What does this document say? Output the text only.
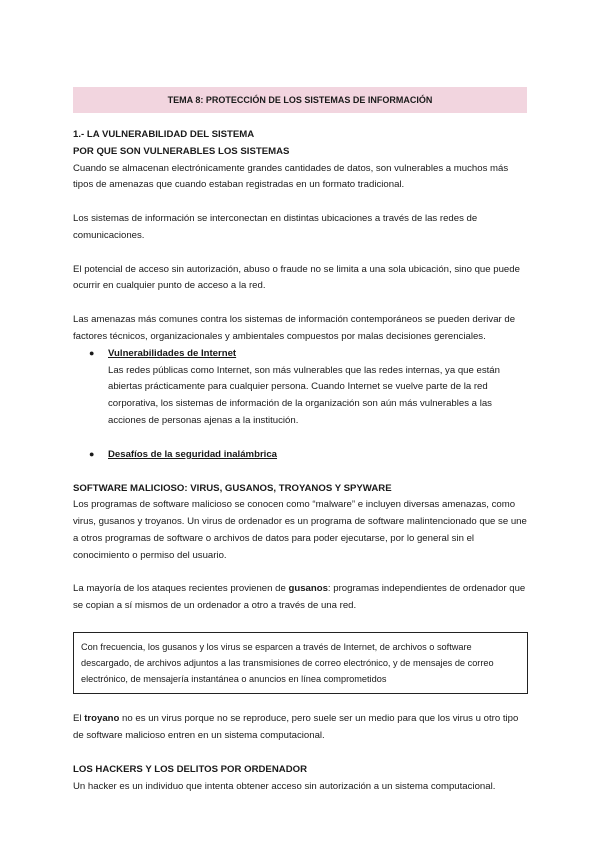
TEMA 8: PROTECCIÓN DE LOS SISTEMAS DE INFORMACIÓN

1.- LA VULNERABILIDAD DEL SISTEMA

POR QUE SON VULNERABLES LOS SISTEMAS

Cuando se almacenan electrónicamente grandes cantidades de datos, son vulnerables a muchos más tipos de amenazas que cuando estaban registradas en un formato tradicional.

Los sistemas de información se interconectan en distintas ubicaciones a través de las redes de comunicaciones.

El potencial de acceso sin autorización, abuso o fraude no se limita a una sola ubicación, sino que puede ocurrir en cualquier punto de acceso a la red.

Las amenazas más comunes contra los sistemas de información contemporáneos se pueden derivar de factores técnicos, organizacionales y ambientales compuestos por malas decisiones gerenciales.

● Vulnerabilidades de Internet

Las redes públicas como Internet, son más vulnerables que las redes internas, ya que están abiertas prácticamente para cualquier persona. Cuando Internet se vuelve parte de la red corporativa, los sistemas de información de la organización son aún más vulnerables a las acciones de personas ajenas a la institución.

● Desafíos de la seguridad inalámbrica

SOFTWARE MALICIOSO: VIRUS, GUSANOS, TROYANOS Y SPYWARE

Los programas de software malicioso se conocen como “malware” e incluyen diversas amenazas, como virus, gusanos y troyanos. Un virus de ordenador es un programa de software malintencionado que se une a otros programas de software o archivos de datos para poder ejecutarse, por lo general sin el conocimiento o permiso del usuario.

La mayoría de los ataques recientes provienen de gusanos: programas independientes de ordenador que se copian a sí mismos de un ordenador a otro a través de una red.

Con frecuencia, los gusanos y los virus se esparcen a través de Internet, de archivos o software descargado, de archivos adjuntos a las transmisiones de correo electrónico, y de mensajes de correo electrónico, de mensajería instantánea o anuncios en línea comprometidos

El troyano no es un virus porque no se reproduce, pero suele ser un medio para que los virus u otro tipo de software malicioso entren en un sistema computacional.

LOS HACKERS Y LOS DELITOS POR ORDENADOR

Un hacker es un individuo que intenta obtener acceso sin autorización a un sistema computacional.
